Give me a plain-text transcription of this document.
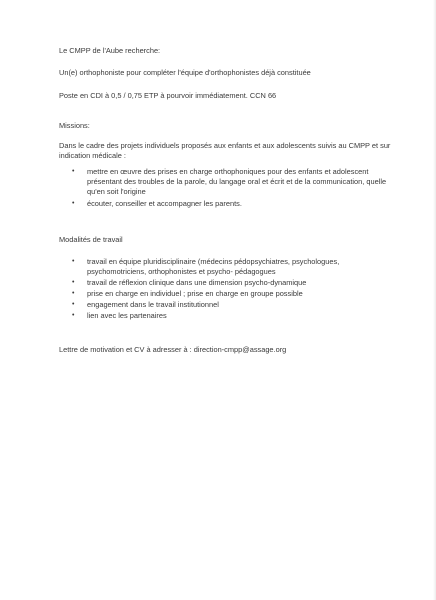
Le CMPP de l'Aube recherche:

Un(e) orthophoniste pour compléter l'équipe d'orthophonistes déjà constituée

Poste en CDI à 0,5 / 0,75 ETP à pourvoir immédiatement. CCN 66

Missions:

Dans le cadre des projets individuels proposés aux enfants et aux adolescents suivis au CMPP et sur

indication médicale :

• mettre en œuvre des prises en charge orthophoniques pour des enfants et adolescent
présentant des troubles de la parole, du langage oral et écrit et de la communication, quelle
qu'en soit l'origine
• écouter, conseiller et accompagner les parents.

Modalités de travail

• travail en équipe pluridisciplinaire (médecins pédopsychiatres, psychologues,
psychomotriciens, orthophonistes et psycho- pédagogues
• travail de réflexion clinique dans une dimension psycho-dynamique
• prise en charge en individuel ; prise en charge en groupe possible
• engagement dans le travail institutionnel
• lien avec les partenaires

Lettre de motivation et CV à adresser à : direction-cmpp@assage.org
